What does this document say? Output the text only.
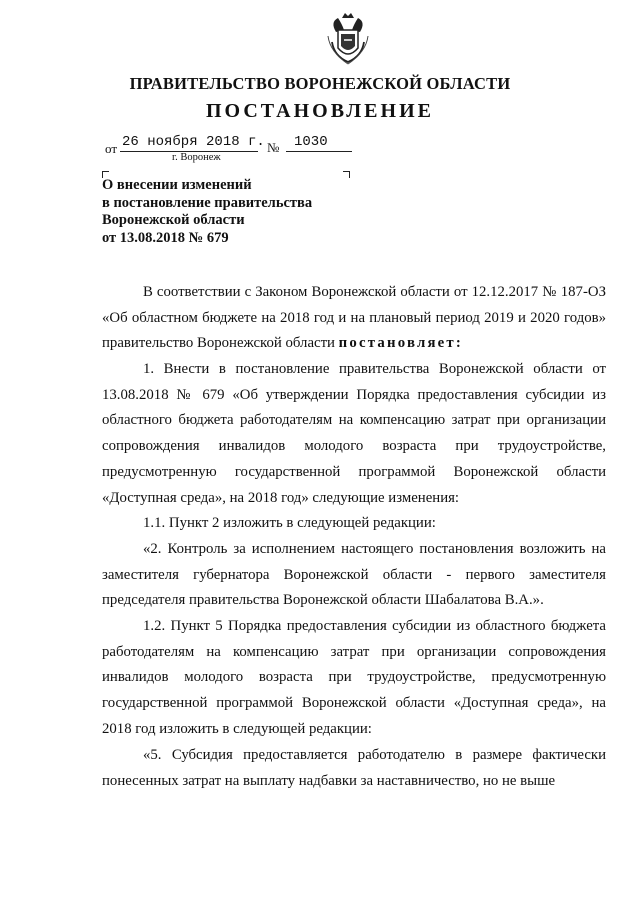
ПРАВИТЕЛЬСТВО ВОРОНЕЖСКОЙ ОБЛАСТИ
ПОСТАНОВЛЕНИЕ
от 26 ноября 2018 г. № 1030
г. Воронеж
О внесении изменений
в постановление правительства
Воронежской области
от 13.08.2018 № 679
В соответствии с Законом Воронежской области от 12.12.2017 № 187-ОЗ «Об областном бюджете на 2018 год и на плановый период 2019 и 2020 годов» правительство Воронежской области постановляет:
1. Внести в постановление правительства Воронежской области от 13.08.2018 № 679 «Об утверждении Порядка предоставления субсидии из областного бюджета работодателям на компенсацию затрат при организации сопровождения инвалидов молодого возраста при трудоустройстве, предусмотренную государственной программой Воронежской области «Доступная среда», на 2018 год» следующие изменения:
1.1. Пункт 2 изложить в следующей редакции:
«2. Контроль за исполнением настоящего постановления возложить на заместителя губернатора Воронежской области - первого заместителя председателя правительства Воронежской области Шабалатова В.А.».
1.2. Пункт 5 Порядка предоставления субсидии из областного бюджета работодателям на компенсацию затрат при организации сопровождения инвалидов молодого возраста при трудоустройстве, предусмотренную государственной программой Воронежской области «Доступная среда», на 2018 год изложить в следующей редакции:
«5. Субсидия предоставляется работодателю в размере фактически понесенных затрат на выплату надбавки за наставничество, но не выше
